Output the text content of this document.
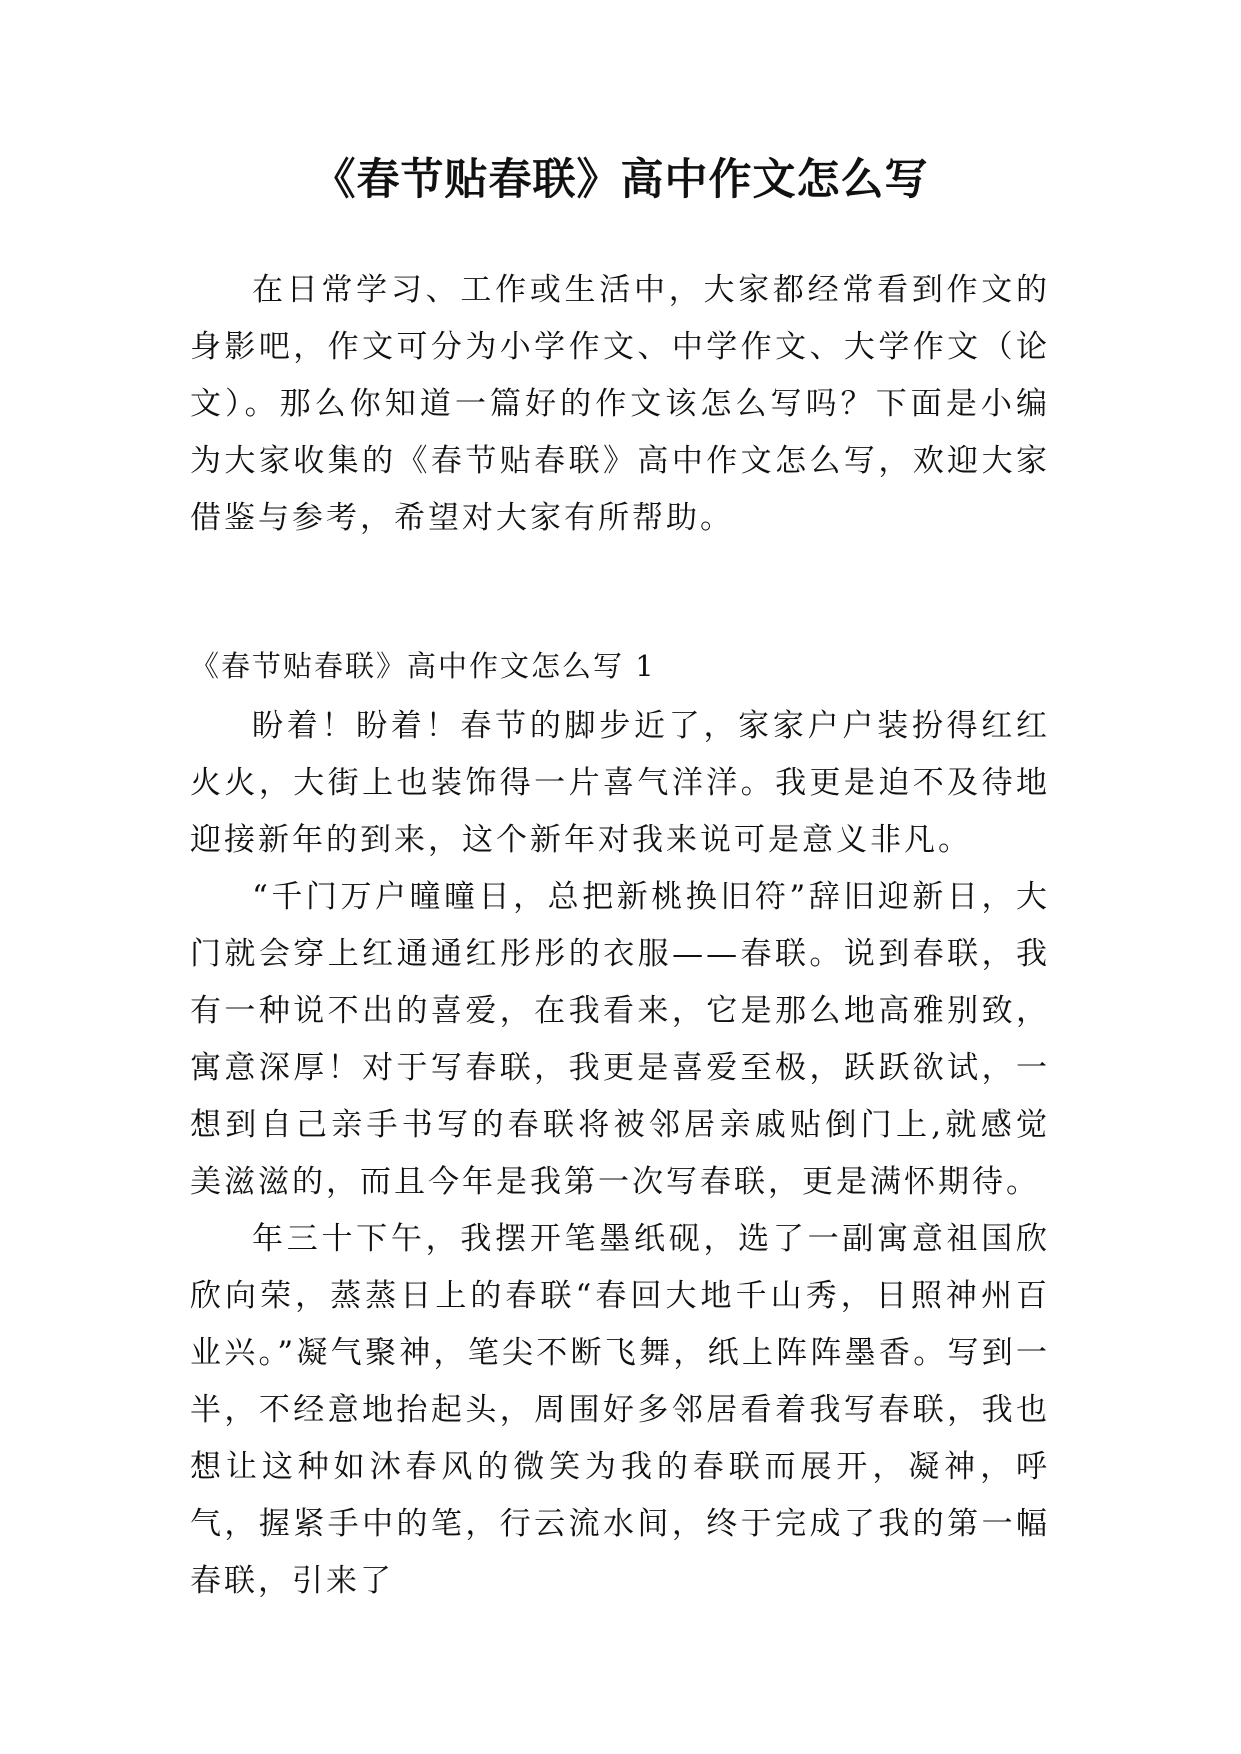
《春节贴春联》高中作文怎么写

在日常学习、工作或生活中，大家都经常看到作文的身影吧，作文可分为小学作文、中学作文、大学作文（论文）。那么你知道一篇好的作文该怎么写吗？下面是小编为大家收集的《春节贴春联》高中作文怎么写，欢迎大家借鉴与参考，希望对大家有所帮助。

《春节贴春联》高中作文怎么写 1

盼着！盼着！春节的脚步近了，家家户户装扮得红红火火，大街上也装饰得一片喜气洋洋。我更是迫不及待地迎接新年的到来，这个新年对我来说可是意义非凡。

“千门万户曈曈日，总把新桃换旧符”辞旧迎新日，大门就会穿上红通通红彤彤的衣服——春联。说到春联，我有一种说不出的喜爱，在我看来，它是那么地高雅别致，寓意深厚！对于写春联，我更是喜爱至极，跃跃欲试，一想到自己亲手书写的春联将被邻居亲戚贴倒门上,就感觉美滋滋的，而且今年是我第一次写春联，更是满怀期待。

年三十下午，我摆开笔墨纸砚，选了一副寓意祖国欣欣向荣，蒸蒸日上的春联“春回大地千山秀，日照神州百业兴。”凝气聚神，笔尖不断飞舞，纸上阵阵墨香。写到一半，不经意地抬起头，周围好多邻居看着我写春联，我也想让这种如沐春风的微笑为我的春联而展开，凝神，呼气，握紧手中的笔，行云流水间，终于完成了我的第一幅春联，引来了
